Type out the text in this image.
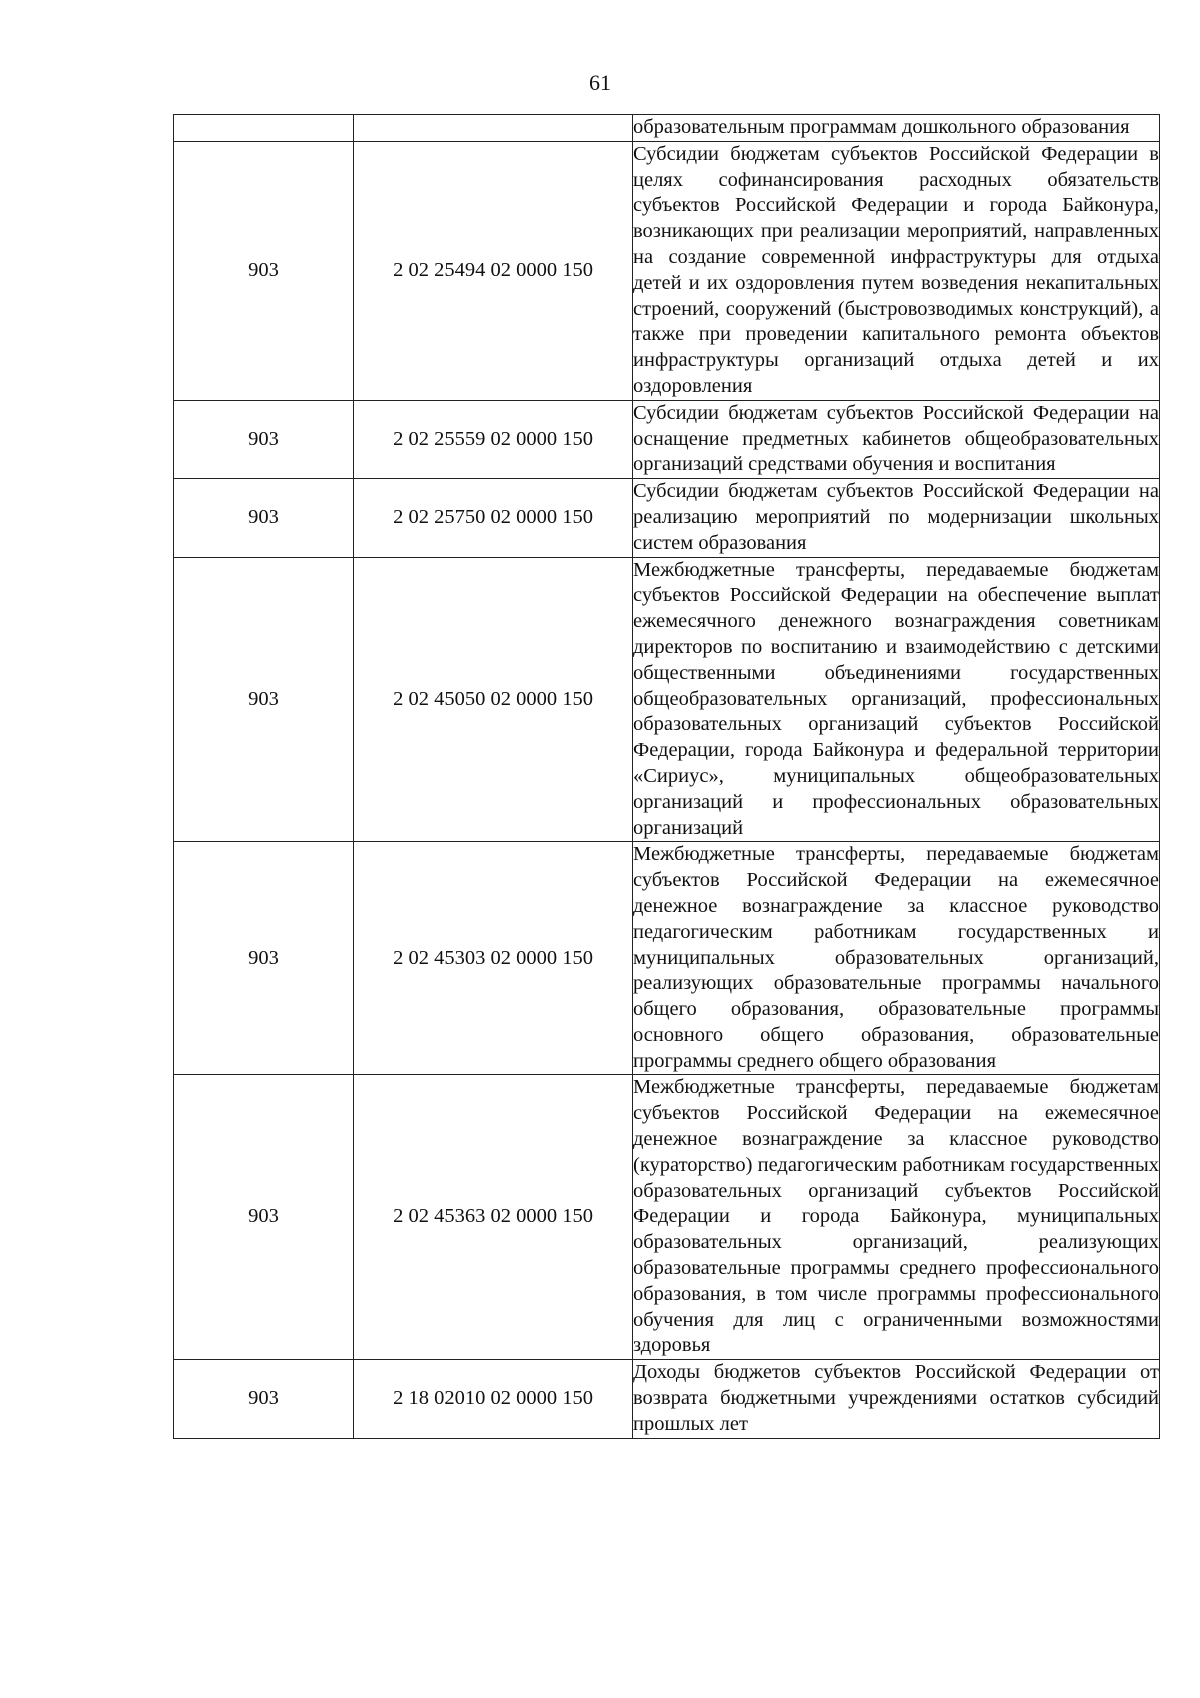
61
		образовательным программам дошкольного образования
903	2 02 25494 02 0000 150	Субсидии бюджетам субъектов Российской Федерации в целях софинансирования расходных обязательств субъектов Российской Федерации и города Байконура, возникающих при реализации мероприятий, направленных на создание современной инфраструктуры для отдыха детей и их оздоровления путем возведения некапитальных строений, сооружений (быстровозводимых конструкций), а также при проведении капитального ремонта объектов инфраструктуры организаций отдыха детей и их оздоровления
903	2 02 25559 02 0000 150	Субсидии бюджетам субъектов Российской Федерации на оснащение предметных кабинетов общеобразовательных организаций средствами обучения и воспитания
903	2 02 25750 02 0000 150	Субсидии бюджетам субъектов Российской Федерации на реализацию мероприятий по модернизации школьных систем образования
903	2 02 45050 02 0000 150	Межбюджетные трансферты, передаваемые бюджетам субъектов Российской Федерации на обеспечение выплат ежемесячного денежного вознаграждения советникам директоров по воспитанию и взаимодействию с детскими общественными объединениями государственных общеобразовательных организаций, профессиональных образовательных организаций субъектов Российской Федерации, города Байконура и федеральной территории «Сириус», муниципальных общеобразовательных организаций и профессиональных образовательных организаций
903	2 02 45303 02 0000 150	Межбюджетные трансферты, передаваемые бюджетам субъектов Российской Федерации на ежемесячное денежное вознаграждение за классное руководство педагогическим работникам государственных и муниципальных образовательных организаций, реализующих образовательные программы начального общего образования, образовательные программы основного общего образования, образовательные программы среднего общего образования
903	2 02 45363 02 0000 150	Межбюджетные трансферты, передаваемые бюджетам субъектов Российской Федерации на ежемесячное денежное вознаграждение за классное руководство (кураторство) педагогическим работникам государственных образовательных организаций субъектов Российской Федерации и города Байконура, муниципальных образовательных организаций, реализующих образовательные программы среднего профессионального образования, в том числе программы профессионального обучения для лиц с ограниченными возможностями здоровья
903	2 18 02010 02 0000 150	Доходы бюджетов субъектов Российской Федерации от возврата бюджетными учреждениями остатков субсидий прошлых лет
